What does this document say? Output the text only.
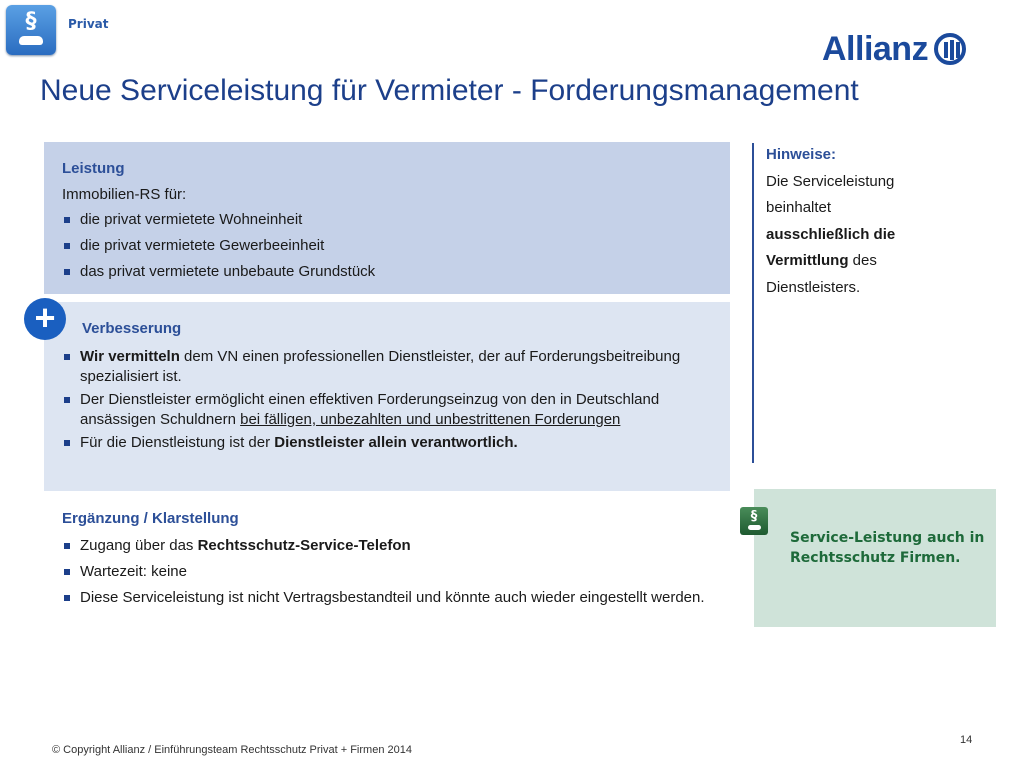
§	Privat
Allianz
Neue Serviceleistung für Vermieter - Forderungsmanagement
Leistung
Immobilien-RS für:
die privat vermietete Wohneinheit
die privat vermietete Gewerbeeinheit
das privat vermietete unbebaute Grundstück
Verbesserung
Wir vermitteln dem VN einen professionellen Dienstleister, der auf Forderungsbeitreibung spezialisiert ist.
Der Dienstleister ermöglicht einen effektiven Forderungseinzug von den in Deutschland ansässigen Schuldnern bei fälligen, unbezahlten und unbestrittenen Forderungen
Für die Dienstleistung ist der Dienstleister allein verantwortlich.
+
Ergänzung / Klarstellung
Zugang über das Rechtsschutz-Service-Telefon
Wartezeit: keine
Diese Serviceleistung ist nicht Vertragsbestandteil und könnte auch wieder eingestellt werden.
Hinweise:
Die Serviceleistung beinhaltet ausschließlich die Vermittlung des Dienstleisters.
§
Service-Leistung auch in Rechtsschutz Firmen.
© Copyright Allianz / Einführungsteam Rechtsschutz Privat + Firmen 2014
14
